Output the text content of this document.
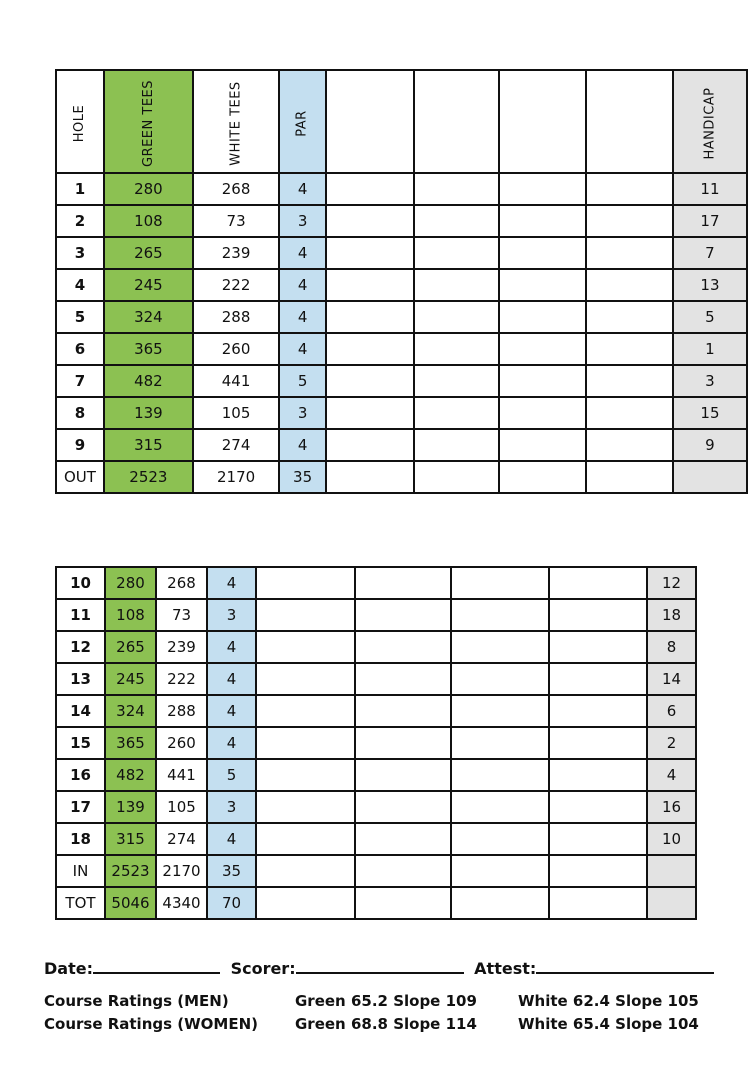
HOLE	GREEN TEES	WHITE TEES	PAR					HANDICAP
1	280	268	4					11
2	108	73	3					17
3	265	239	4					7
4	245	222	4					13
5	324	288	4					5
6	365	260	4					1
7	482	441	5					3
8	139	105	3					15
9	315	274	4					9
OUT	2523	2170	35					
10	280	268	4					12
11	108	73	3					18
12	265	239	4					8
13	245	222	4					14
14	324	288	4					6
15	365	260	4					2
16	482	441	5					4
17	139	105	3					16
18	315	274	4					10
IN	2523	2170	35					
TOT	5046	4340	70					
Date:	Scorer:	Attest:
Course Ratings (MEN)	Green 65.2 Slope 109	White 62.4 Slope 105
Course Ratings (WOMEN) Green 68.8 Slope 114	White 65.4 Slope 104
